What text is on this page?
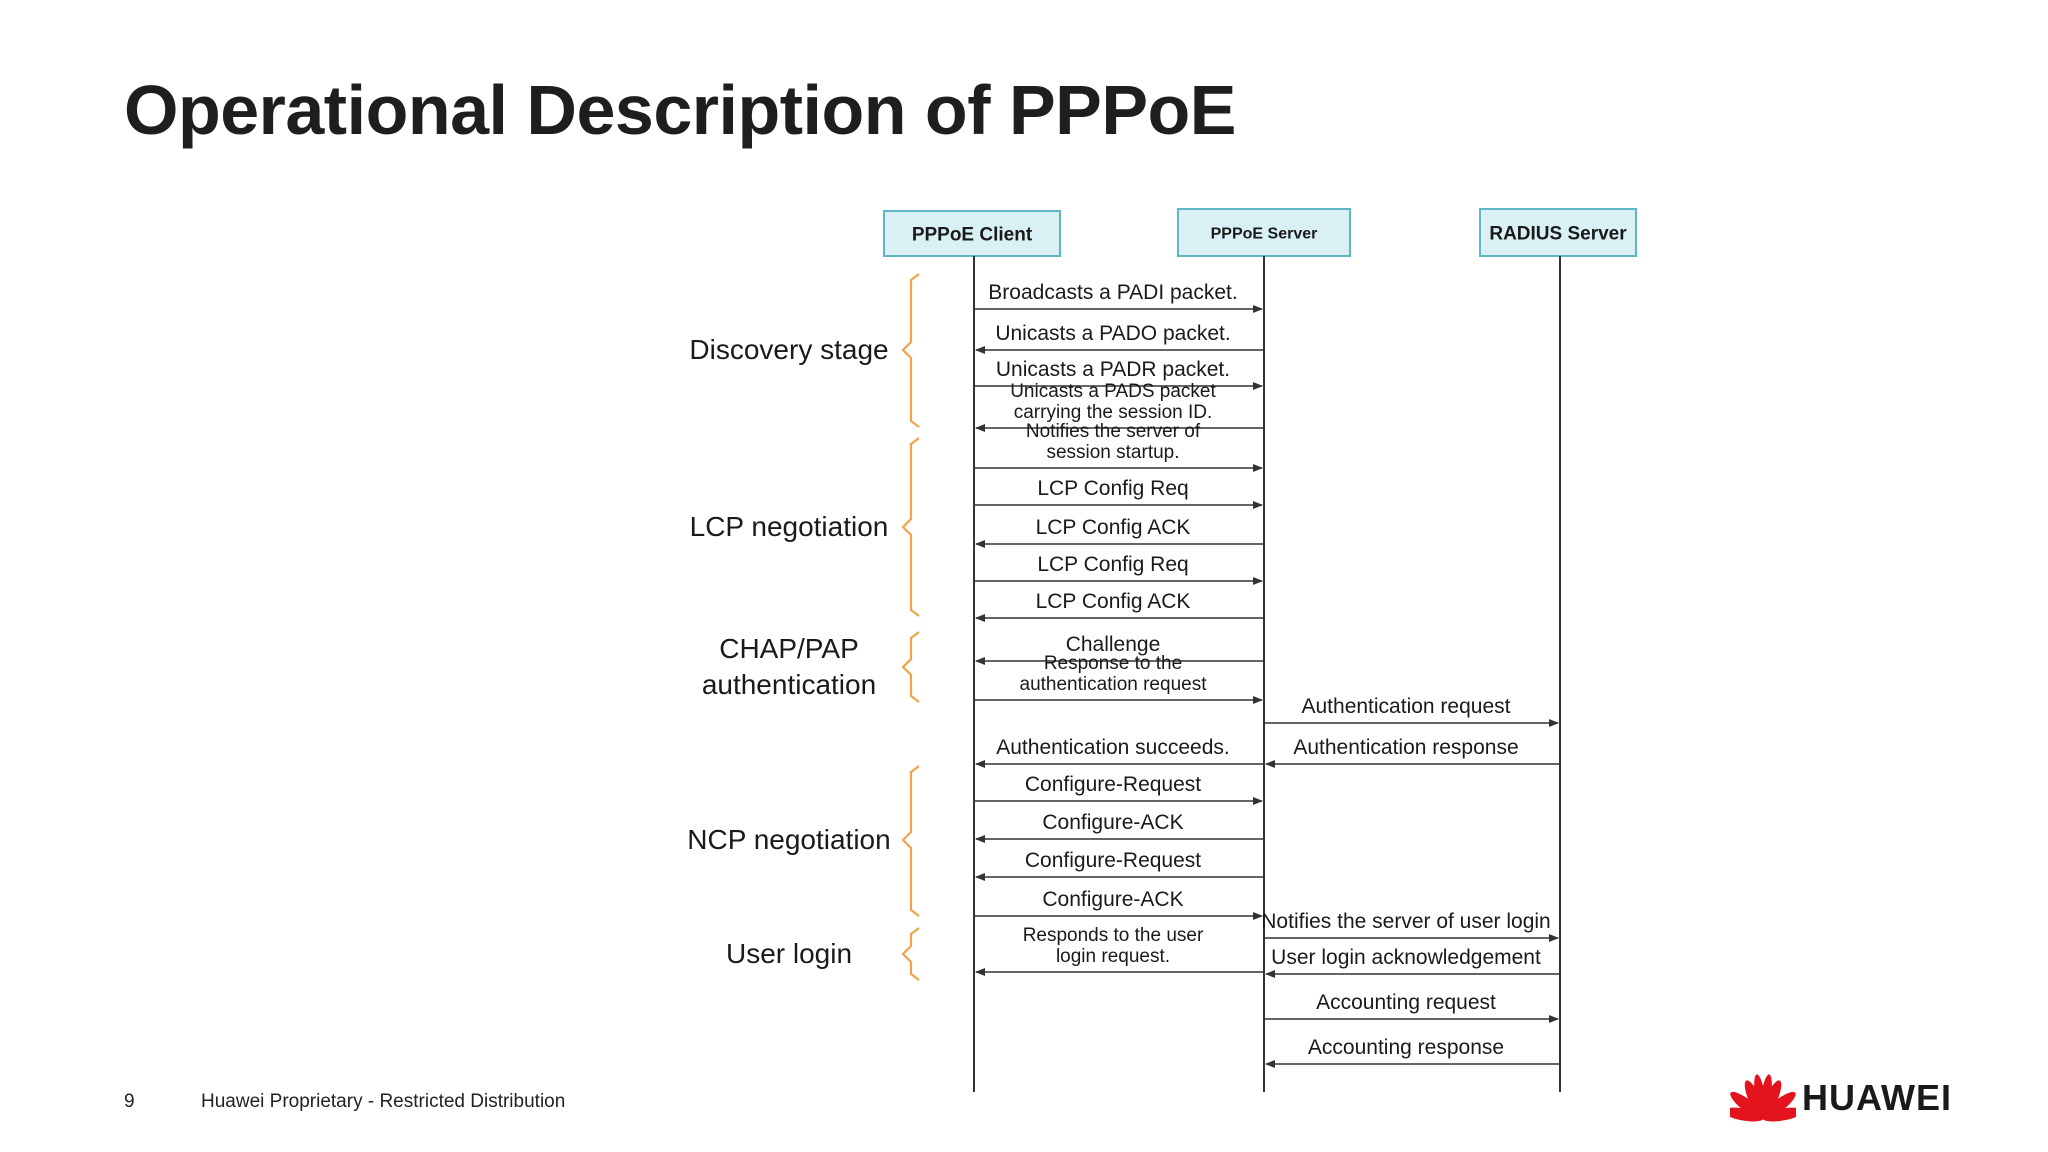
Operational Description of PPPoE
PPPoE Client	PPPoE Server	RADIUS Server
Broadcasts a PADI packet.
Unicasts a PADO packet.
Unicasts a PADR packet.
Unicasts a PADS packet
carrying the session ID.
Notifies the server of
session startup.
LCP Config Req
LCP Config ACK
LCP Config Req
LCP Config ACK
Challenge
Response to the
authentication request
Authentication request
Authentication response
Authentication succeeds.
Configure-Request
Configure-ACK
Configure-Request
Configure-ACK
Notifies the server of user login
User login acknowledgement
Responds to the user
login request.
Accounting request
Accounting response
Discovery stage
LCP negotiation
CHAP/PAP
authentication
NCP negotiation
User login
9	Huawei Proprietary - Restricted Distribution	HUAWEI
